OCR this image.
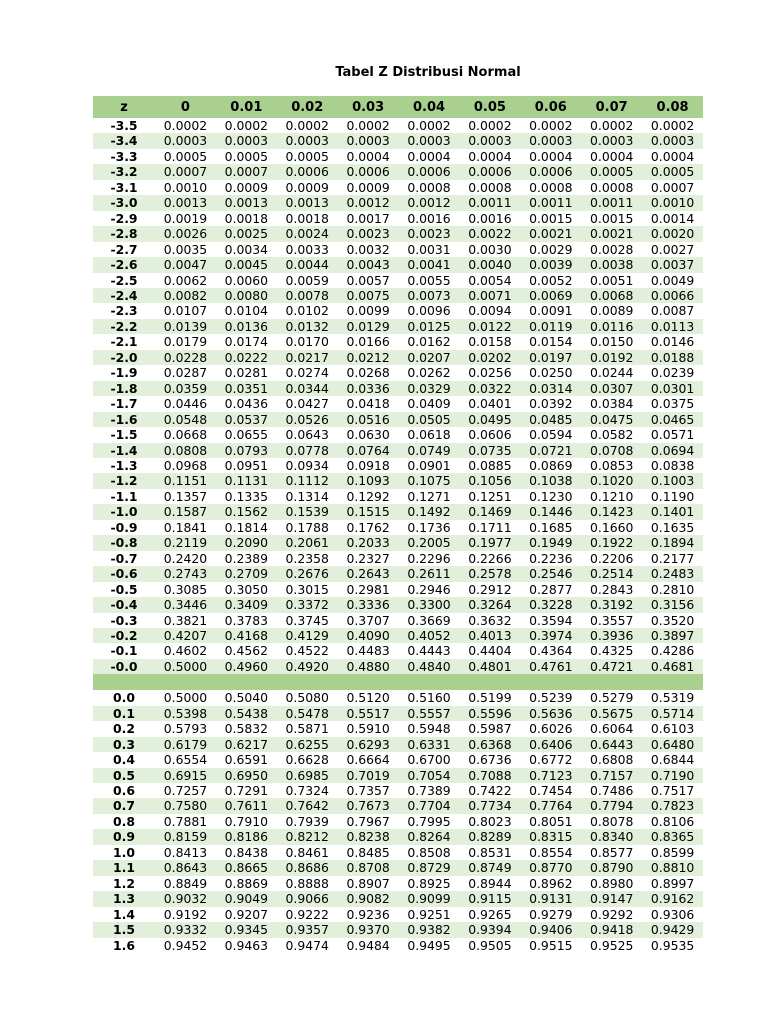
Tabel Z Distribusi Normal
z	0	0.01	0.02	0.03	0.04	0.05	0.06	0.07	0.08
-3.5	0.0002	0.0002	0.0002	0.0002	0.0002	0.0002	0.0002	0.0002	0.0002
-3.4	0.0003	0.0003	0.0003	0.0003	0.0003	0.0003	0.0003	0.0003	0.0003
-3.3	0.0005	0.0005	0.0005	0.0004	0.0004	0.0004	0.0004	0.0004	0.0004
-3.2	0.0007	0.0007	0.0006	0.0006	0.0006	0.0006	0.0006	0.0005	0.0005
-3.1	0.0010	0.0009	0.0009	0.0009	0.0008	0.0008	0.0008	0.0008	0.0007
-3.0	0.0013	0.0013	0.0013	0.0012	0.0012	0.0011	0.0011	0.0011	0.0010
-2.9	0.0019	0.0018	0.0018	0.0017	0.0016	0.0016	0.0015	0.0015	0.0014
-2.8	0.0026	0.0025	0.0024	0.0023	0.0023	0.0022	0.0021	0.0021	0.0020
-2.7	0.0035	0.0034	0.0033	0.0032	0.0031	0.0030	0.0029	0.0028	0.0027
-2.6	0.0047	0.0045	0.0044	0.0043	0.0041	0.0040	0.0039	0.0038	0.0037
-2.5	0.0062	0.0060	0.0059	0.0057	0.0055	0.0054	0.0052	0.0051	0.0049
-2.4	0.0082	0.0080	0.0078	0.0075	0.0073	0.0071	0.0069	0.0068	0.0066
-2.3	0.0107	0.0104	0.0102	0.0099	0.0096	0.0094	0.0091	0.0089	0.0087
-2.2	0.0139	0.0136	0.0132	0.0129	0.0125	0.0122	0.0119	0.0116	0.0113
-2.1	0.0179	0.0174	0.0170	0.0166	0.0162	0.0158	0.0154	0.0150	0.0146
-2.0	0.0228	0.0222	0.0217	0.0212	0.0207	0.0202	0.0197	0.0192	0.0188
-1.9	0.0287	0.0281	0.0274	0.0268	0.0262	0.0256	0.0250	0.0244	0.0239
-1.8	0.0359	0.0351	0.0344	0.0336	0.0329	0.0322	0.0314	0.0307	0.0301
-1.7	0.0446	0.0436	0.0427	0.0418	0.0409	0.0401	0.0392	0.0384	0.0375
-1.6	0.0548	0.0537	0.0526	0.0516	0.0505	0.0495	0.0485	0.0475	0.0465
-1.5	0.0668	0.0655	0.0643	0.0630	0.0618	0.0606	0.0594	0.0582	0.0571
-1.4	0.0808	0.0793	0.0778	0.0764	0.0749	0.0735	0.0721	0.0708	0.0694
-1.3	0.0968	0.0951	0.0934	0.0918	0.0901	0.0885	0.0869	0.0853	0.0838
-1.2	0.1151	0.1131	0.1112	0.1093	0.1075	0.1056	0.1038	0.1020	0.1003
-1.1	0.1357	0.1335	0.1314	0.1292	0.1271	0.1251	0.1230	0.1210	0.1190
-1.0	0.1587	0.1562	0.1539	0.1515	0.1492	0.1469	0.1446	0.1423	0.1401
-0.9	0.1841	0.1814	0.1788	0.1762	0.1736	0.1711	0.1685	0.1660	0.1635
-0.8	0.2119	0.2090	0.2061	0.2033	0.2005	0.1977	0.1949	0.1922	0.1894
-0.7	0.2420	0.2389	0.2358	0.2327	0.2296	0.2266	0.2236	0.2206	0.2177
-0.6	0.2743	0.2709	0.2676	0.2643	0.2611	0.2578	0.2546	0.2514	0.2483
-0.5	0.3085	0.3050	0.3015	0.2981	0.2946	0.2912	0.2877	0.2843	0.2810
-0.4	0.3446	0.3409	0.3372	0.3336	0.3300	0.3264	0.3228	0.3192	0.3156
-0.3	0.3821	0.3783	0.3745	0.3707	0.3669	0.3632	0.3594	0.3557	0.3520
-0.2	0.4207	0.4168	0.4129	0.4090	0.4052	0.4013	0.3974	0.3936	0.3897
-0.1	0.4602	0.4562	0.4522	0.4483	0.4443	0.4404	0.4364	0.4325	0.4286
-0.0	0.5000	0.4960	0.4920	0.4880	0.4840	0.4801	0.4761	0.4721	0.4681

0.0	0.5000	0.5040	0.5080	0.5120	0.5160	0.5199	0.5239	0.5279	0.5319
0.1	0.5398	0.5438	0.5478	0.5517	0.5557	0.5596	0.5636	0.5675	0.5714
0.2	0.5793	0.5832	0.5871	0.5910	0.5948	0.5987	0.6026	0.6064	0.6103
0.3	0.6179	0.6217	0.6255	0.6293	0.6331	0.6368	0.6406	0.6443	0.6480
0.4	0.6554	0.6591	0.6628	0.6664	0.6700	0.6736	0.6772	0.6808	0.6844
0.5	0.6915	0.6950	0.6985	0.7019	0.7054	0.7088	0.7123	0.7157	0.7190
0.6	0.7257	0.7291	0.7324	0.7357	0.7389	0.7422	0.7454	0.7486	0.7517
0.7	0.7580	0.7611	0.7642	0.7673	0.7704	0.7734	0.7764	0.7794	0.7823
0.8	0.7881	0.7910	0.7939	0.7967	0.7995	0.8023	0.8051	0.8078	0.8106
0.9	0.8159	0.8186	0.8212	0.8238	0.8264	0.8289	0.8315	0.8340	0.8365
1.0	0.8413	0.8438	0.8461	0.8485	0.8508	0.8531	0.8554	0.8577	0.8599
1.1	0.8643	0.8665	0.8686	0.8708	0.8729	0.8749	0.8770	0.8790	0.8810
1.2	0.8849	0.8869	0.8888	0.8907	0.8925	0.8944	0.8962	0.8980	0.8997
1.3	0.9032	0.9049	0.9066	0.9082	0.9099	0.9115	0.9131	0.9147	0.9162
1.4	0.9192	0.9207	0.9222	0.9236	0.9251	0.9265	0.9279	0.9292	0.9306
1.5	0.9332	0.9345	0.9357	0.9370	0.9382	0.9394	0.9406	0.9418	0.9429
1.6	0.9452	0.9463	0.9474	0.9484	0.9495	0.9505	0.9515	0.9525	0.9535
